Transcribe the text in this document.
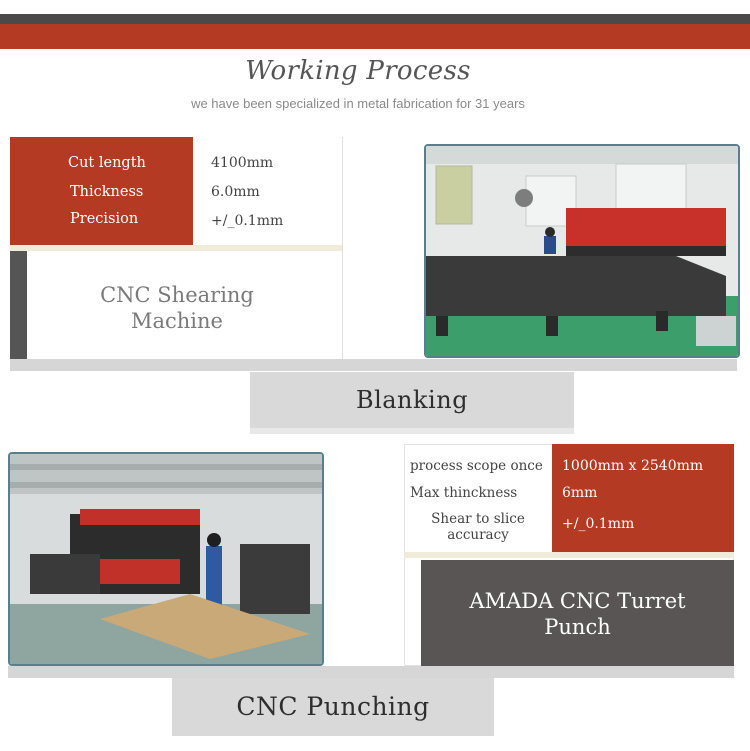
Working Process
we have been specialized in metal fabrication for 31 years
Cut length
Thickness
Precision
4100mm
6.0mm
+/_0.1mm
CNC Shearing
Machine
Blanking
process scope once
Max thinckness
Shear to slice
accuracy
1000mm x 2540mm
6mm
+/_0.1mm
AMADA CNC Turret
Punch
CNC Punching
